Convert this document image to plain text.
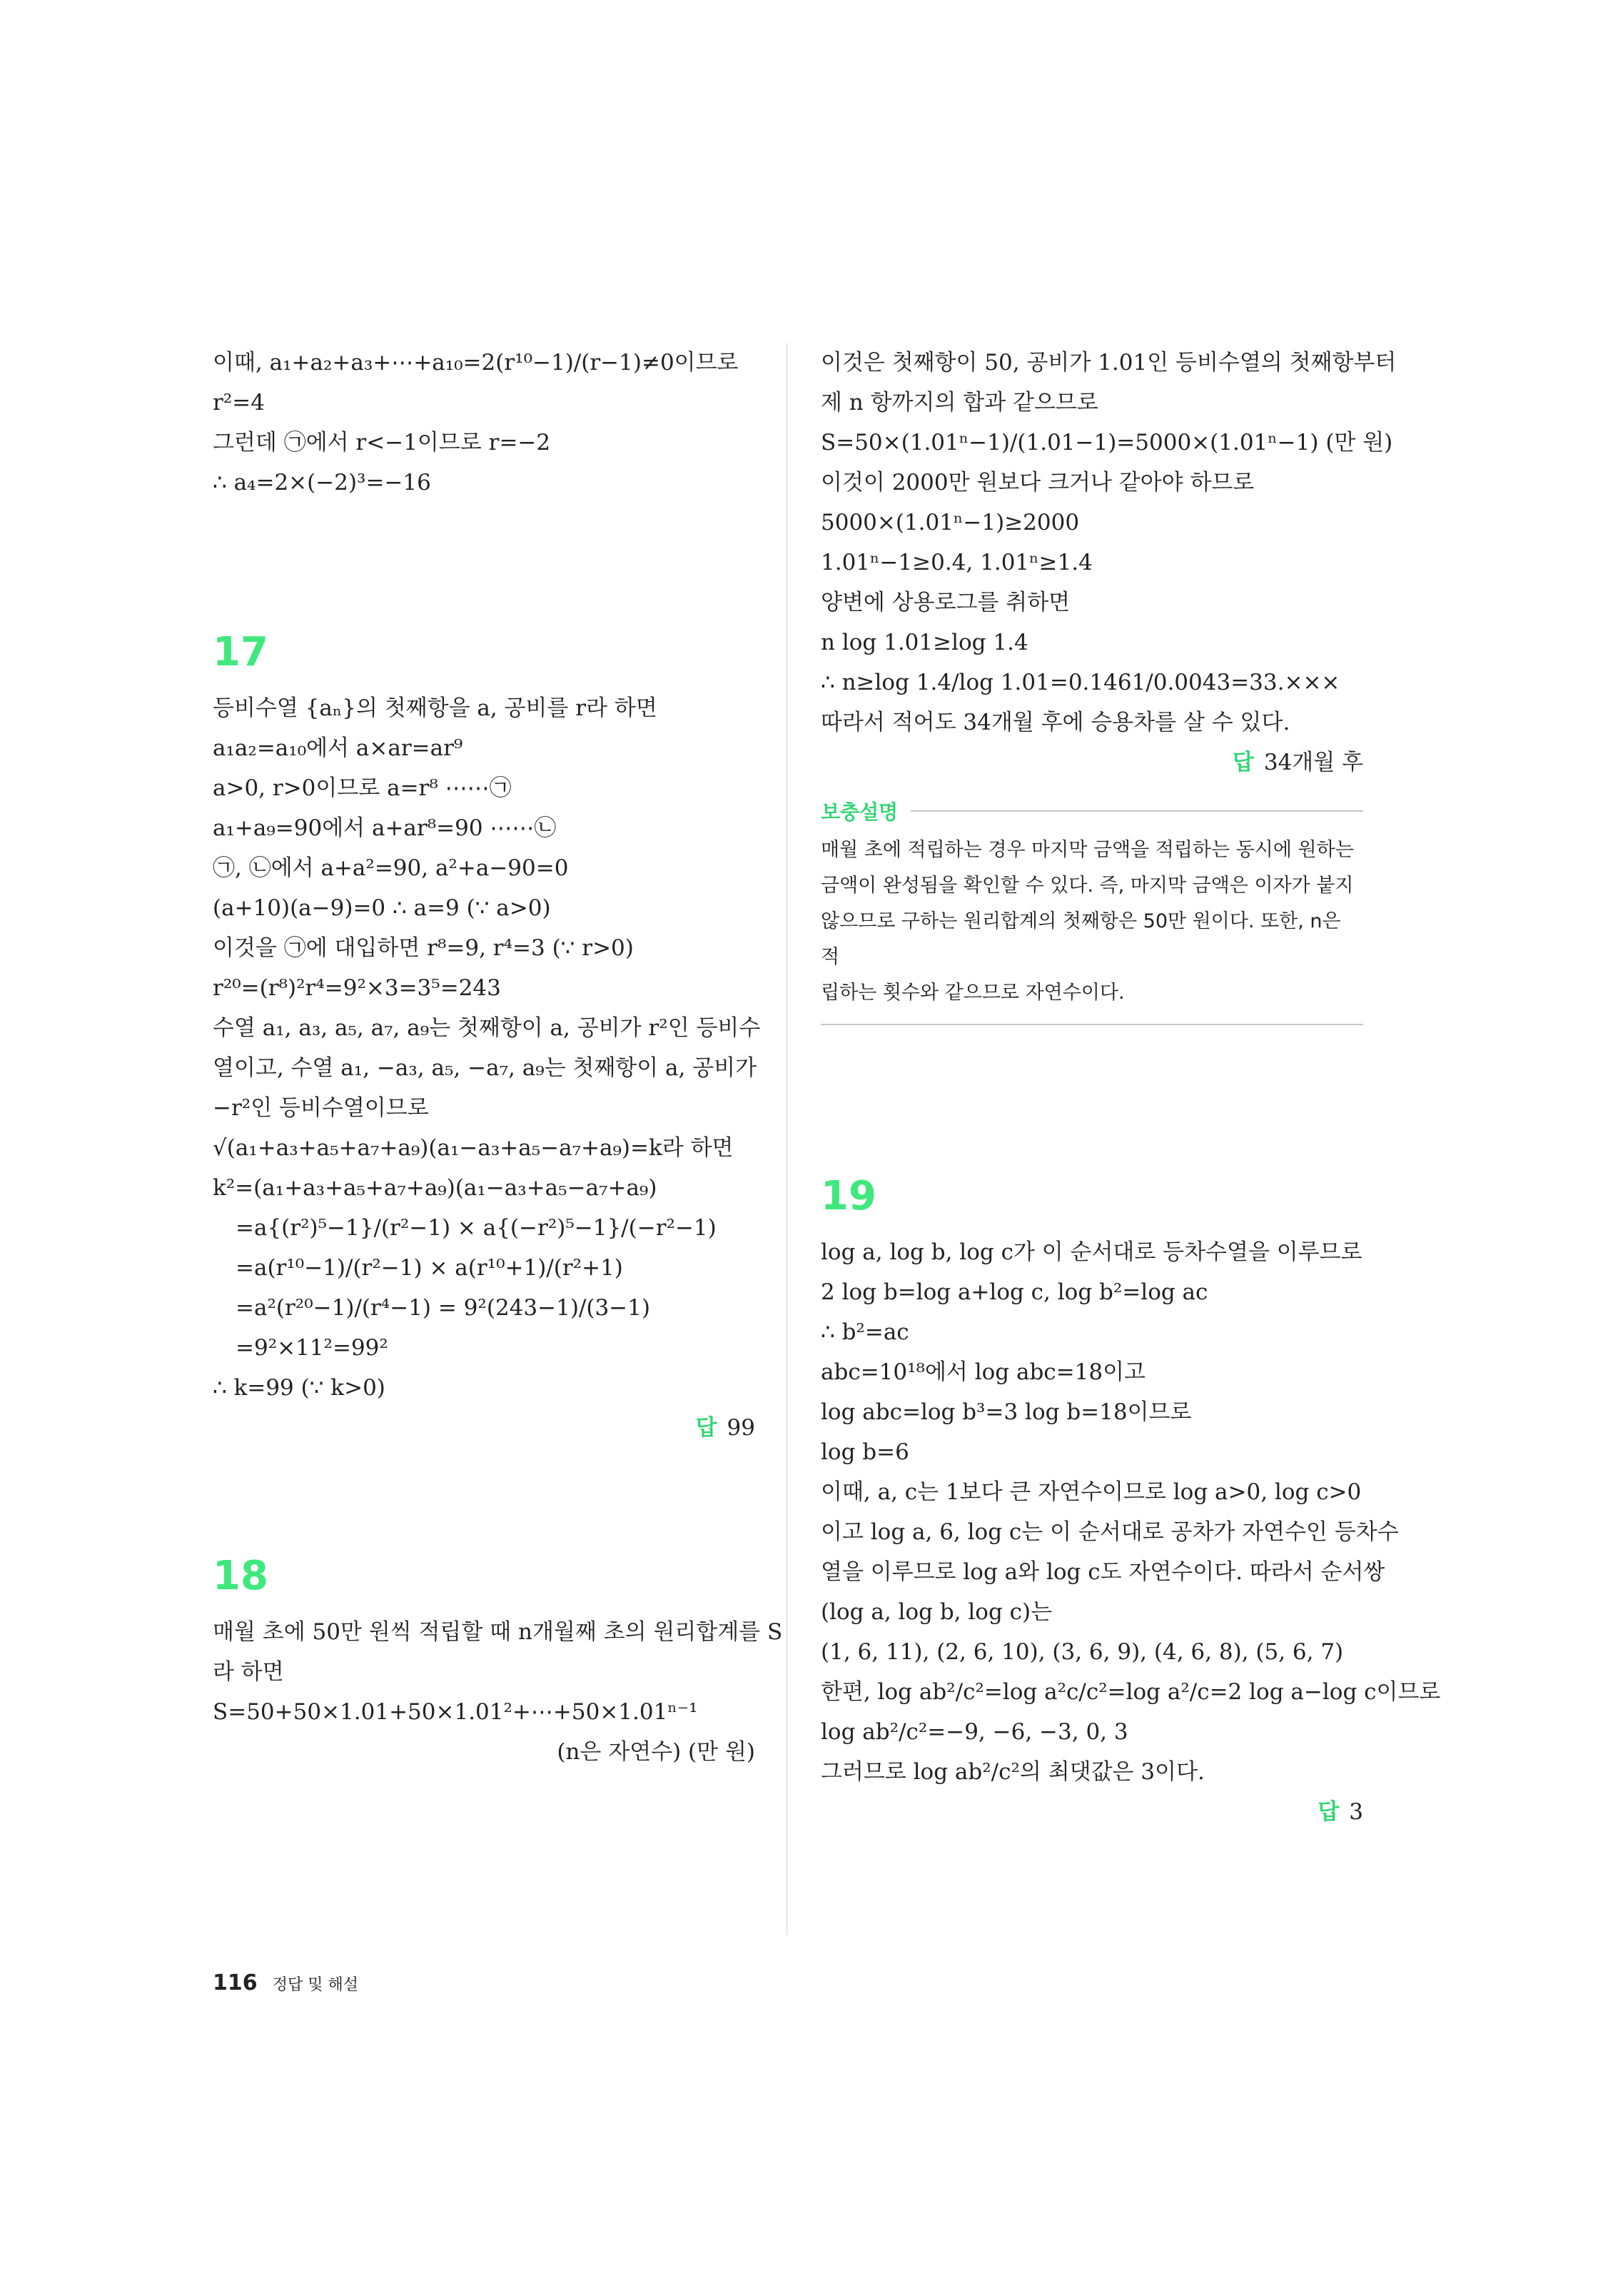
이때, a₁+a₂+a₃+⋯+a₁₀=2(r¹⁰−1)/(r−1)≠0이므로
r²=4
그런데 ㉠에서 r<−1이므로 r=−2
∴ a₄=2×(−2)³=−16
17
등비수열 {aₙ}의 첫째항을 a, 공비를 r라 하면
a₁a₂=a₁₀에서 a×ar=ar⁹
a>0, r>0이므로 a=r⁸ ⋯⋯㉠
a₁+a₉=90에서 a+ar⁸=90 ⋯⋯㉡
㉠, ㉡에서 a+a²=90, a²+a−90=0
(a+10)(a−9)=0 ∴ a=9 (∵ a>0)
이것을 ㉠에 대입하면 r⁸=9, r⁴=3 (∵ r>0)
r²⁰=(r⁸)²r⁴=9²×3=3⁵=243
수열 a₁, a₃, a₅, a₇, a₉는 첫째항이 a, 공비가 r²인 등비수
열이고, 수열 a₁, −a₃, a₅, −a₇, a₉는 첫째항이 a, 공비가
−r²인 등비수열이므로
√(a₁+a₃+a₅+a₇+a₉)(a₁−a₃+a₅−a₇+a₉)=k라 하면
k²=(a₁+a₃+a₅+a₇+a₉)(a₁−a₃+a₅−a₇+a₉)
=a{(r²)⁵−1}/(r²−1) × a{(−r²)⁵−1}/(−r²−1)
=a(r¹⁰−1)/(r²−1) × a(r¹⁰+1)/(r²+1)
=a²(r²⁰−1)/(r⁴−1) = 9²(243−1)/(3−1)
=9²×11²=99²
∴ k=99 (∵ k>0)
답 99
18
매월 초에 50만 원씩 적립할 때 n개월째 초의 원리합계를 S
라 하면
S=50+50×1.01+50×1.01²+⋯+50×1.01ⁿ⁻¹
(n은 자연수) (만 원)
이것은 첫째항이 50, 공비가 1.01인 등비수열의 첫째항부터
제 n 항까지의 합과 같으므로
S=50×(1.01ⁿ−1)/(1.01−1)=5000×(1.01ⁿ−1) (만 원)
이것이 2000만 원보다 크거나 같아야 하므로
5000×(1.01ⁿ−1)≥2000
1.01ⁿ−1≥0.4, 1.01ⁿ≥1.4
양변에 상용로그를 취하면
n log 1.01≥log 1.4
∴ n≥log 1.4/log 1.01=0.1461/0.0043=33.×××
따라서 적어도 34개월 후에 승용차를 살 수 있다.
답 34개월 후
보충설명
매월 초에 적립하는 경우 마지막 금액을 적립하는 동시에 원하는
금액이 완성됨을 확인할 수 있다. 즉, 마지막 금액은 이자가 붙지
않으므로 구하는 원리합계의 첫째항은 50만 원이다. 또한, n은 적
립하는 횟수와 같으므로 자연수이다.
19
log a, log b, log c가 이 순서대로 등차수열을 이루므로
2 log b=log a+log c, log b²=log ac
∴ b²=ac
abc=10¹⁸에서 log abc=18이고
log abc=log b³=3 log b=18이므로
log b=6
이때, a, c는 1보다 큰 자연수이므로 log a>0, log c>0
이고 log a, 6, log c는 이 순서대로 공차가 자연수인 등차수
열을 이루므로 log a와 log c도 자연수이다. 따라서 순서쌍
(log a, log b, log c)는
(1, 6, 11), (2, 6, 10), (3, 6, 9), (4, 6, 8), (5, 6, 7)
한편, log ab²/c²=log a²c/c²=log a²/c=2 log a−log c이므로
log ab²/c²=−9, −6, −3, 0, 3
그러므로 log ab²/c²의 최댓값은 3이다.
답 3
116 정답 및 해설
